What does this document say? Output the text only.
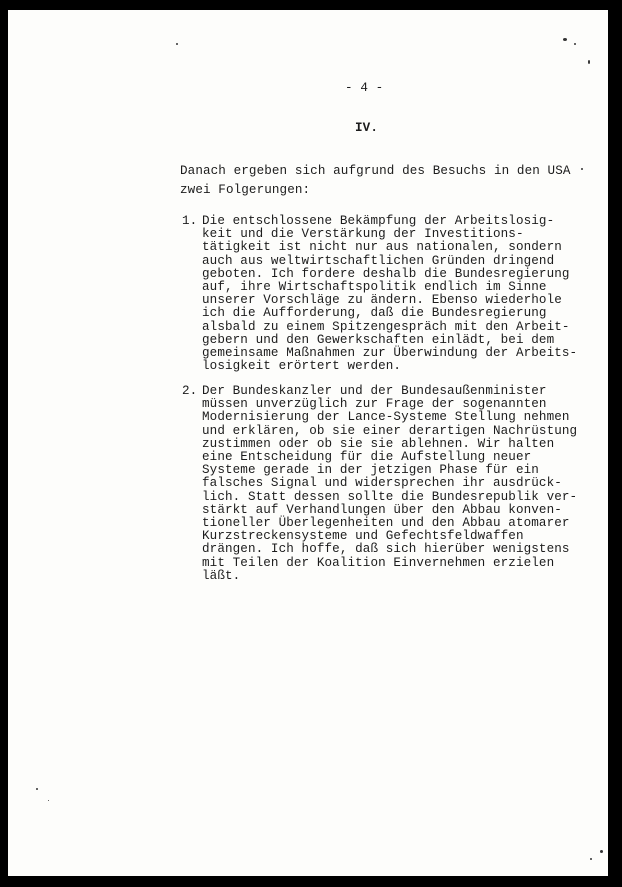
- 4 -
IV.
Danach ergeben sich aufgrund des Besuchs in den USA
zwei Folgerungen:
1. Die entschlossene Bekämpfung der Arbeitslosig-
keit und die Verstärkung der Investitions-
tätigkeit ist nicht nur aus nationalen, sondern
auch aus weltwirtschaftlichen Gründen dringend
geboten. Ich fordere deshalb die Bundesregierung
auf, ihre Wirtschaftspolitik endlich im Sinne
unserer Vorschläge zu ändern. Ebenso wiederhole
ich die Aufforderung, daß die Bundesregierung
alsbald zu einem Spitzengespräch mit den Arbeit-
gebern und den Gewerkschaften einlädt, bei dem
gemeinsame Maßnahmen zur Überwindung der Arbeits-
losigkeit erörtert werden.
2. Der Bundeskanzler und der Bundesaußenminister
müssen unverzüglich zur Frage der sogenannten
Modernisierung der Lance-Systeme Stellung nehmen
und erklären, ob sie einer derartigen Nachrüstung
zustimmen oder ob sie sie ablehnen. Wir halten
eine Entscheidung für die Aufstellung neuer
Systeme gerade in der jetzigen Phase für ein
falsches Signal und widersprechen ihr ausdrück-
lich. Statt dessen sollte die Bundesrepublik ver-
stärkt auf Verhandlungen über den Abbau konven-
tioneller Überlegenheiten und den Abbau atomarer
Kurzstreckensysteme und Gefechtsfeldwaffen
drängen. Ich hoffe, daß sich hierüber wenigstens
mit Teilen der Koalition Einvernehmen erzielen
läßt.
